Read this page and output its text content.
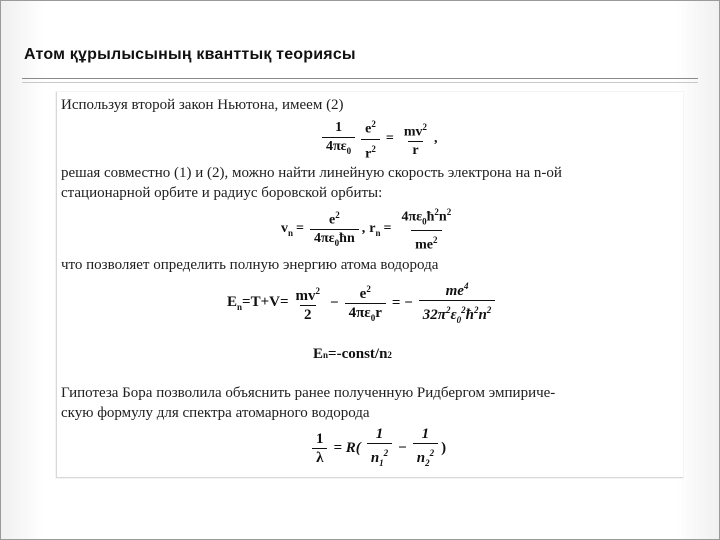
Атом құрылысының кванттық теориясы
Используя второй закон Ньютона, имеем (2)
$\frac{1}{4\pi\varepsilon_0} \frac{e^2}{r^2} = \frac{mv^2}{r}$ ,
решая совместно (1) и (2), можно найти линейную скорость электрона на n-ой
стационарной орбите и радиус боровской орбиты:
$v_n = \frac{e^2}{4\pi\varepsilon_0ħn}$ , $r_n = \frac{4\pi\varepsilon_0ħ^2n^2}{me^2}$
что позволяет определить полную энергию атома водорода
$E_n=T+V= \frac{mv^2}{2} - \frac{e^2}{4\pi\varepsilon_0r}$ = − $\frac{me^4}{32\pi^2\varepsilon_0^2ħ^2n^2}$
E n =-const/n 2
Гипотеза Бора позволила объяснить ранее полученную Ридбергом эмпириче-
скую формулу для спектра атомарного водорода
$\frac{1}{\lambda} = R( \frac{1}{n_1^2} - \frac{1}{n_2^2}$ )
